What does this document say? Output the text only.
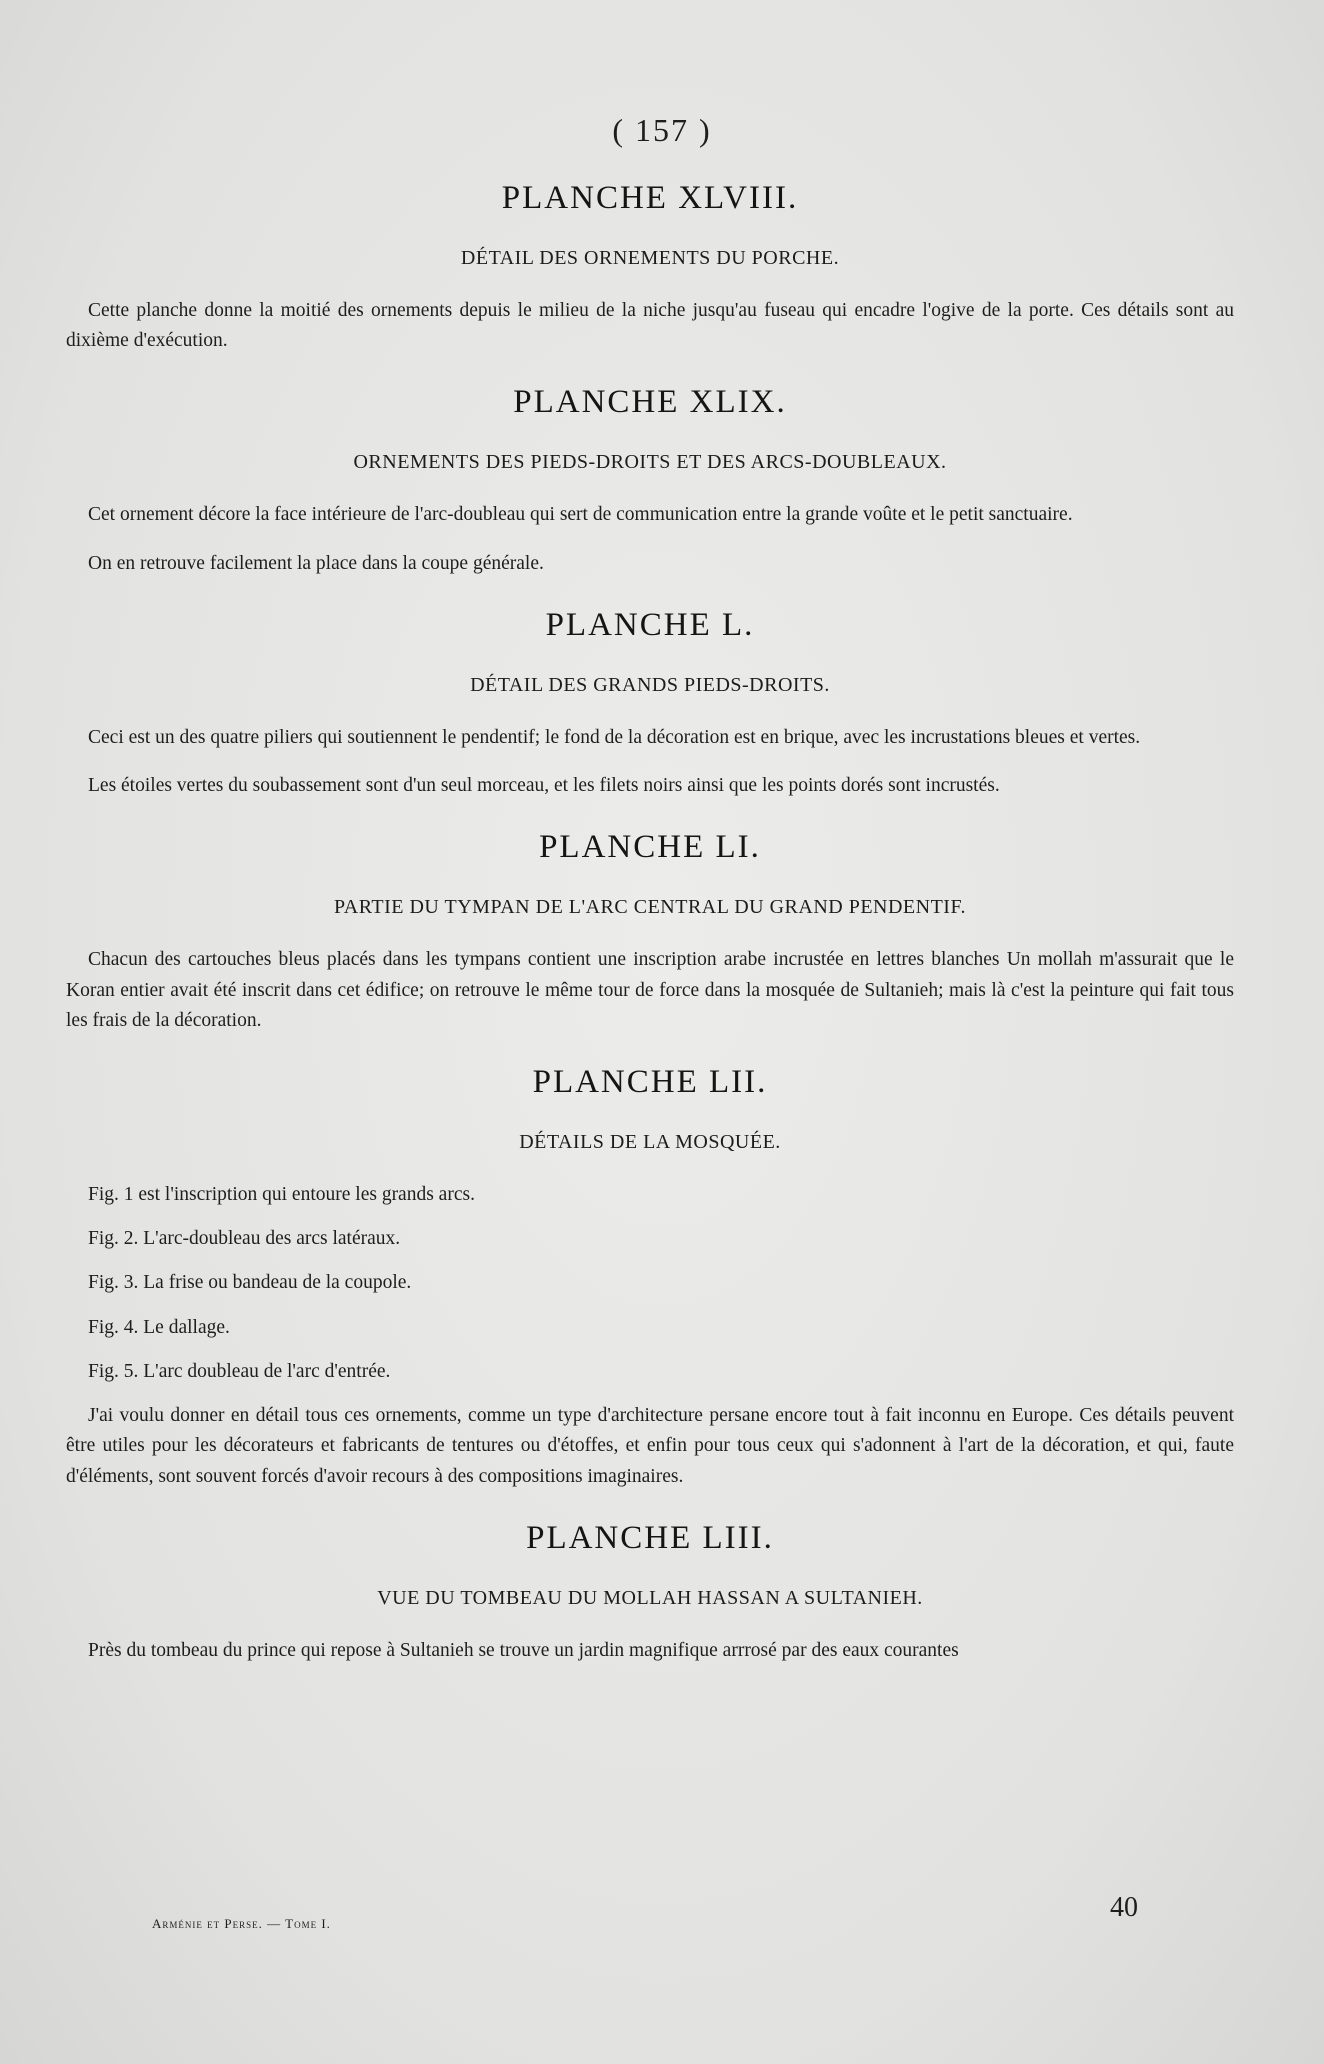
( 157 )
PLANCHE XLVIII.
DÉTAIL DES ORNEMENTS DU PORCHE.

Cette planche donne la moitié des ornements depuis le milieu de la niche jusqu'au fuseau qui encadre l'ogive de la porte. Ces détails sont au dixième d'exécution.

PLANCHE XLIX.
ORNEMENTS DES PIEDS-DROITS ET DES ARCS-DOUBLEAUX.

Cet ornement décore la face intérieure de l'arc-doubleau qui sert de communication entre la grande voûte et le petit sanctuaire.

On en retrouve facilement la place dans la coupe générale.

PLANCHE L.
DÉTAIL DES GRANDS PIEDS-DROITS.

Ceci est un des quatre piliers qui soutiennent le pendentif; le fond de la décoration est en brique, avec les incrustations bleues et vertes.

Les étoiles vertes du soubassement sont d'un seul morceau, et les filets noirs ainsi que les points dorés sont incrustés.

PLANCHE LI.
PARTIE DU TYMPAN DE L'ARC CENTRAL DU GRAND PENDENTIF.

Chacun des cartouches bleus placés dans les tympans contient une inscription arabe incrustée en lettres blanches Un mollah m'assurait que le Koran entier avait été inscrit dans cet édifice; on retrouve le même tour de force dans la mosquée de Sultanieh; mais là c'est la peinture qui fait tous les frais de la décoration.

PLANCHE LII.
DÉTAILS DE LA MOSQUÉE.
Fig. 1 est l'inscription qui entoure les grands arcs.
Fig. 2. L'arc-doubleau des arcs latéraux.
Fig. 3. La frise ou bandeau de la coupole.
Fig. 4. Le dallage.
Fig. 5. L'arc doubleau de l'arc d'entrée.

J'ai voulu donner en détail tous ces ornements, comme un type d'architecture persane encore tout à fait inconnu en Europe. Ces détails peuvent être utiles pour les décorateurs et fabricants de tentures ou d'étoffes, et enfin pour tous ceux qui s'adonnent à l'art de la décoration, et qui, faute d'éléments, sont souvent forcés d'avoir recours à des compositions imaginaires.

PLANCHE LIII.
VUE DU TOMBEAU DU MOLLAH HASSAN A SULTANIEH.

Près du tombeau du prince qui repose à Sultanieh se trouve un jardin magnifique arrrosé par des eaux courantes

Arménie et Perse. — Tome I.
40
